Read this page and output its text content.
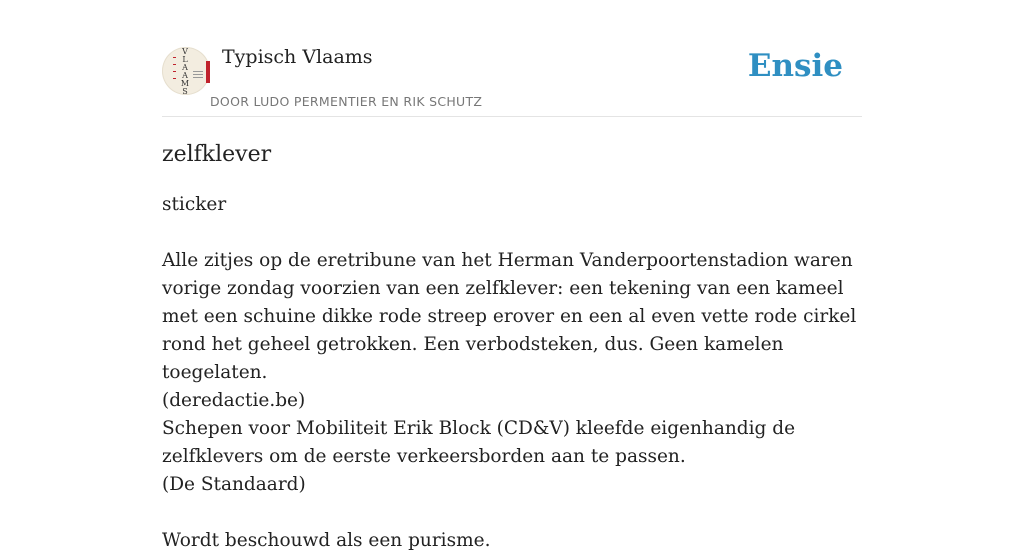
V
L
A
A
M
S
Typisch Vlaams
DOOR LUDO PERMENTIER EN RIK SCHUTZ
Ensie
zelfklever
sticker

Alle zitjes op de eretribune van het Herman Vanderpoortenstadion waren vorige zondag voorzien van een zelfklever: een tekening van een kameel met een schuine dikke rode streep erover en een al even vette rode cirkel rond het geheel getrokken. Een verbodsteken, dus. Geen kamelen toegelaten.

(deredactie.be)

Schepen voor Mobiliteit Erik Block (CD&V) kleefde eigenhandig de zelfklevers om de eerste verkeersborden aan te passen.

(De Standaard)

Wordt beschouwd als een purisme.
